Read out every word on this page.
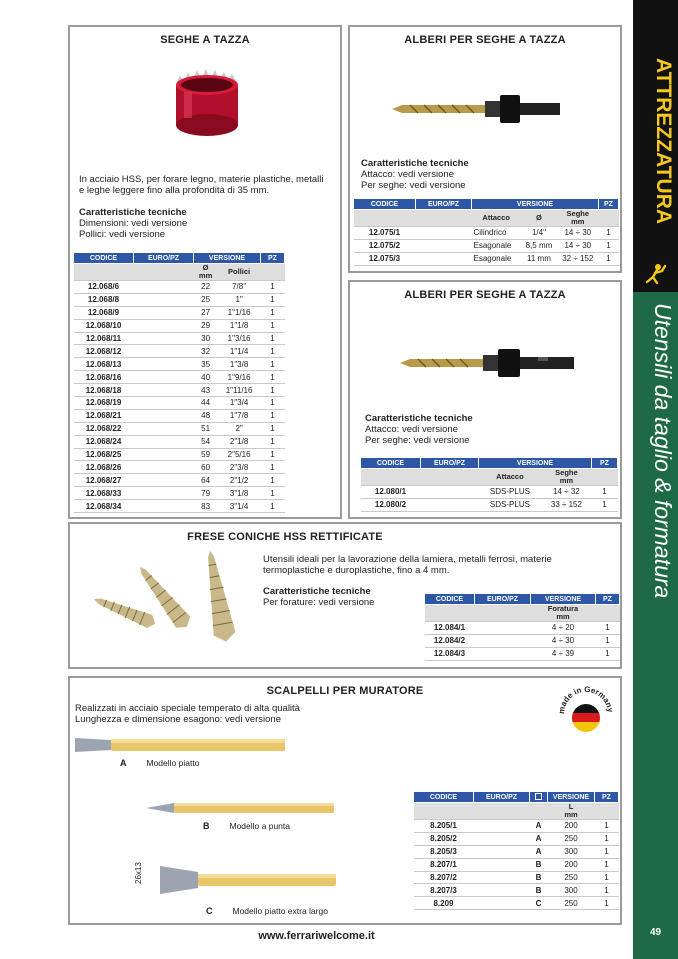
ATTREZZATURA
Utensili da taglio & formatura
49
SEGHE A TAZZA
In acciaio HSS, per forare legno, materie plastiche, metalli
e leghe leggere fino alla profondità di 35 mm.
Caratteristiche tecniche
Dimensioni: vedi versione
Pollici: vedi versione
CODICE	EURO/PZ	VERSIONE		PZ
		Ø
mm	Pollici	
12.068/6		22	7/8"	1
12.068/8		25	1"	1
12.068/9		27	1"1/16	1
12.068/10		29	1"1/8	1
12.068/11		30	1"3/16	1
12.068/12		32	1"1/4	1
12.068/13		35	1"3/8	1
12.068/16		40	1"9/16	1
12.068/18		43	1"11/16	1
12.068/19		44	1"3/4	1
12.068/21		48	1"7/8	1
12.068/22		51	2"	1
12.068/24		54	2"1/8	1
12.068/25		59	2"5/16	1
12.068/26		60	2"3/8	1
12.068/27		64	2"1/2	1
12.068/33		79	3"1/8	1
12.068/34		83	3"1/4	1
ALBERI PER SEGHE A TAZZA
Caratteristiche tecniche
Attacco: vedi versione
Per seghe: vedi versione
CODICE	EURO/PZ	VERSIONE			PZ
		Attacco	Ø	Seghe
mm	
12.075/1		Cilindrico	1/4"	14 ÷ 30	1
12.075/2		Esagonale	8,5 mm	14 ÷ 30	1
12.075/3		Esagonale	11 mm	32 ÷ 152	1
ALBERI PER SEGHE A TAZZA
Caratteristiche tecniche
Attacco: vedi versione
Per seghe: vedi versione
CODICE	EURO/PZ	VERSIONE		PZ
		Attacco	Seghe
mm	
12.080/1		SDS-PLUS	14 ÷ 32	1
12.080/2		SDS-PLUS	33 ÷ 152	1
FRESE CONICHE HSS RETTIFICATE
Utensili ideali per la lavorazione della lamiera, metalli ferrosi, materie
termoplastiche e duroplastiche, fino a 4 mm.
Caratteristiche tecniche
Per forature: vedi versione	CODICE	EURO/PZ	VERSIONE	PZ
		Foratura
mm	
12.084/1		4 ÷ 20	1
12.084/2		4 ÷ 30	1
12.084/3		4 ÷ 39	1
SCALPELLI PER MURATORE
Realizzati in acciaio speciale temperato di alta qualità
Lunghezza e dimensione esagono: vedi versione
made in Germany
A Modello piatto
B Modello a punta
26x13
C Modello piatto extra largo
CODICE	EURO/PZ		VERSIONE	PZ
			L
mm	
8.205/1		A	200	1
8.205/2		A	250	1
8.205/3		A	300	1
8.207/1		B	200	1
8.207/2		B	250	1
8.207/3		B	300	1
8.209		C	250	1
www.ferrariwelcome.it
